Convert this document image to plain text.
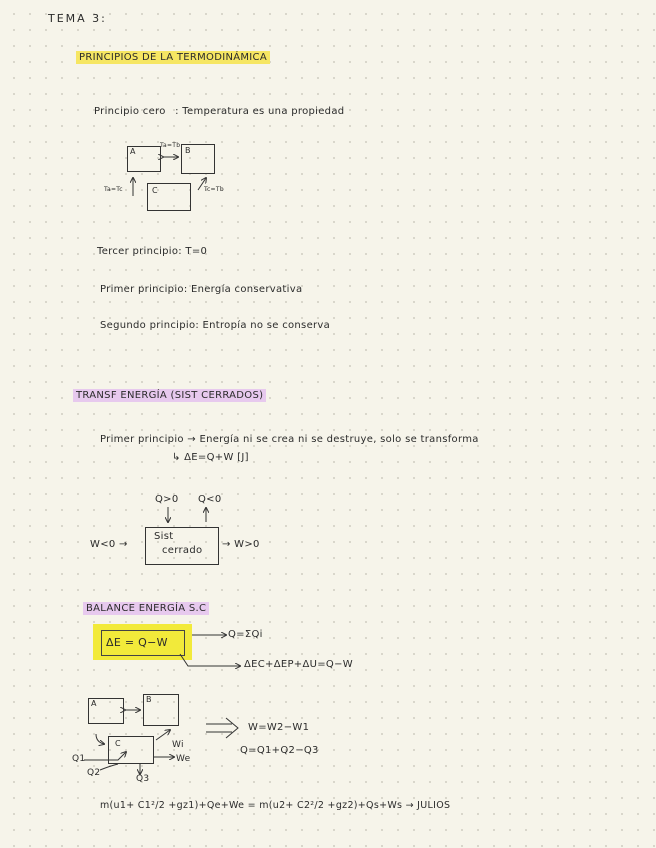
TEMA 3:
PRINCIPIOS DE LA TERMODINÁMICA
Principio cero : Temperatura es una propiedad
A	B
C
Ta=Tb
Ta=Tc	Tc=Tb
Tercer principio: T=0
Primer principio: Energía conservativa
Segundo principio: Entropía no se conserva
TRANSF ENERGÍA (SIST CERRADOS)
Primer principio → Energía ni se crea ni se destruye, solo se transforma
↳ ΔE=Q+W [J]
Q>0 Q<0
Sist
cerrado
W<0 →	→ W>0
BALANCE ENERGÍA S.C
ΔE = Q−W
Q=ΣQi
ΔEC+ΔEP+ΔU=Q−W
A	B
C	Wi
We
Q1
Q2
Q3
W=W2−W1
Q=Q1+Q2−Q3
m(u1+ C1²/2 +gz1)+Qe+We = m(u2+ C2²/2 +gz2)+Qs+Ws → JULIOS
